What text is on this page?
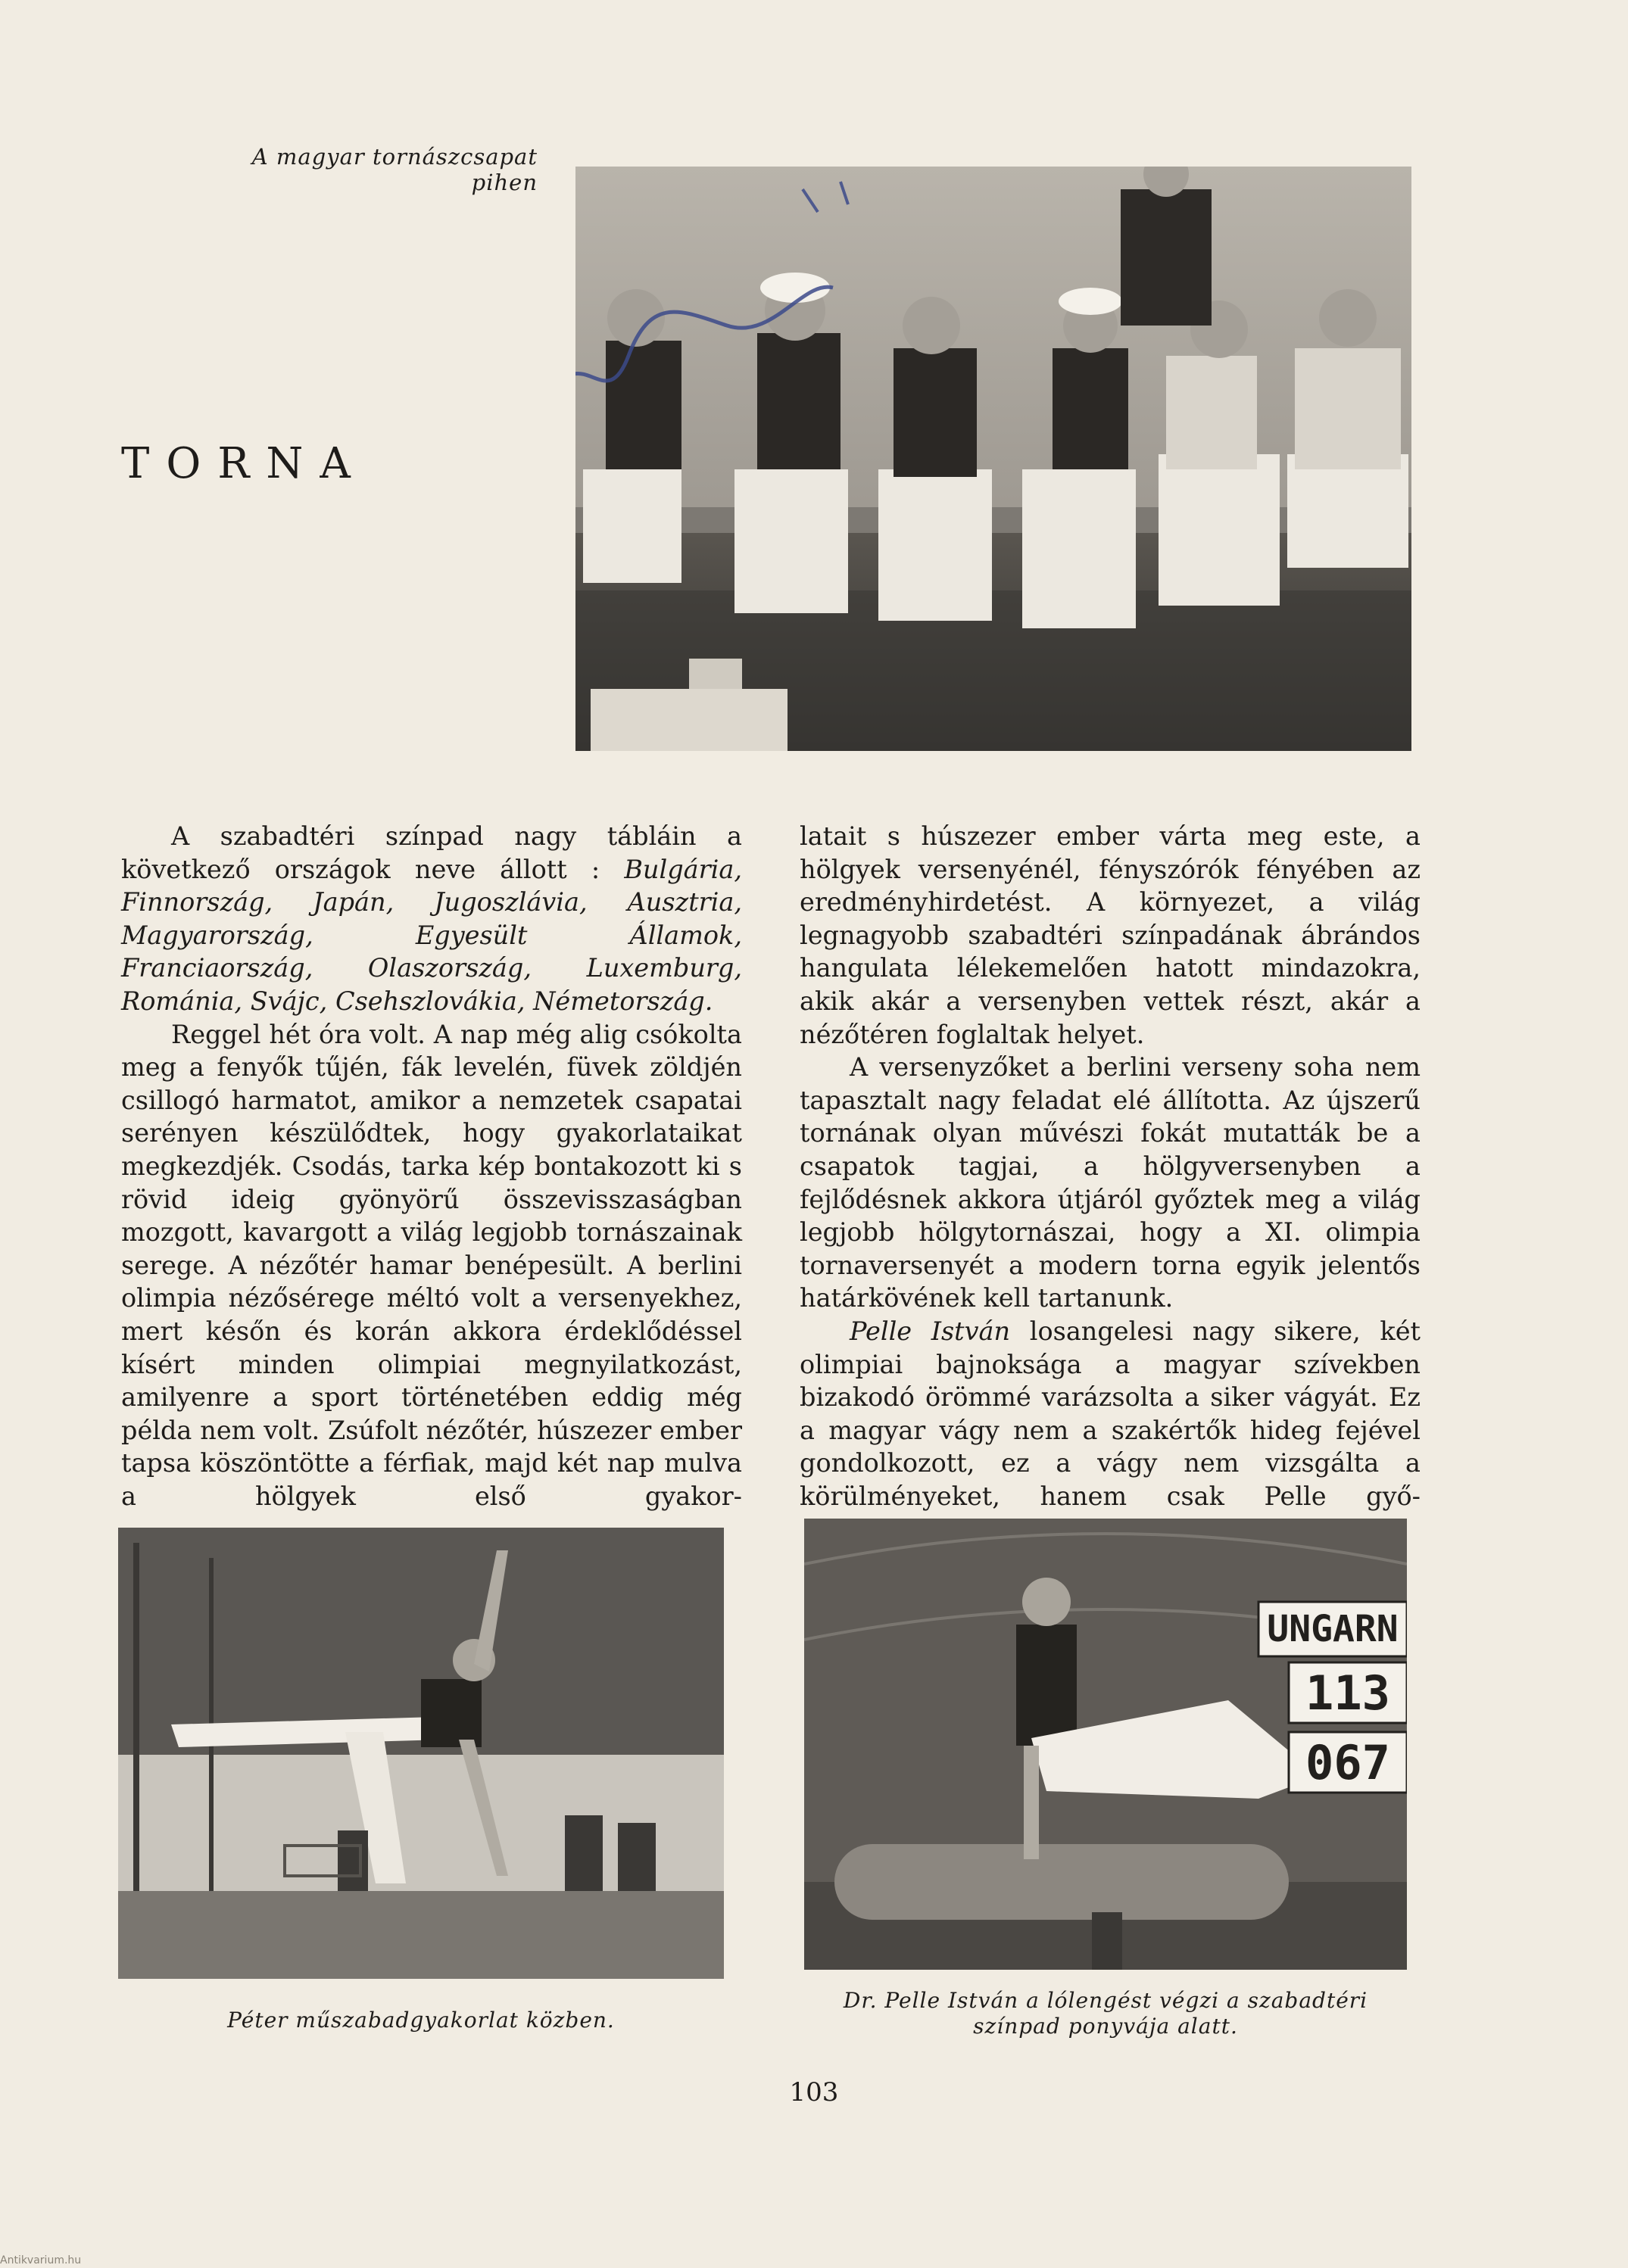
A magyar tornászcsapat pihen
TORNA

A szabadtéri színpad nagy tábláin a következő országok neve állott : Bulgária, Finnország, Japán, Jugoszlávia, Ausztria, Magyarország, Egyesült Államok, Franciaország, Olaszország, Luxemburg, Románia, Svájc, Csehszlovákia, Németország.

Reggel hét óra volt. A nap még alig csókolta meg a fenyők tűjén, fák levelén, füvek zöldjén csillogó harmatot, amikor a nemzetek csapatai serényen készülődtek, hogy gyakorlataikat megkezdjék. Csodás, tarka kép bontakozott ki s rövid ideig gyönyörű összevisszaságban mozgott, kavargott a világ legjobb tornászainak serege. A nézőtér hamar benépesült. A berlini olimpia nézősérege méltó volt a versenyekhez, mert későn és korán akkora érdeklődéssel kísért minden olimpiai megnyilatkozást, amilyenre a sport történetében eddig még példa nem volt. Zsúfolt nézőtér, húszezer ember tapsa köszöntötte a férfiak, majd két nap mulva a hölgyek első gyakor-

latait s húszezer ember várta meg este, a hölgyek versenyénél, fényszórók fényében az eredményhirdetést. A környezet, a világ legnagyobb szabadtéri színpadának ábrándos hangulata lélekemelően hatott mindazokra, akik akár a versenyben vettek részt, akár a nézőtéren foglaltak helyet.

A versenyzőket a berlini verseny soha nem tapasztalt nagy feladat elé állította. Az újszerű tornának olyan művészi fokát mutatták be a csapatok tagjai, a hölgyversenyben a fejlődésnek akkora útjáról győztek meg a világ legjobb hölgytornászai, hogy a XI. olimpia tornaversenyét a modern torna egyik jelentős határkövének kell tartanunk.

Pelle István losangelesi nagy sikere, két olimpiai bajnoksága a magyar szívekben bizakodó örömmé varázsolta a siker vágyát. Ez a magyar vágy nem a szakértők hideg fejével gondolkozott, ez a vágy nem vizsgálta a körülményeket, hanem csak Pelle győ-

Péter műszabadgyakorlat közben.
UNGARN
113
067
Dr. Pelle István a lólengést végzi a szabadtéri színpad ponyvája alatt.
103
Antikvarium.hu
